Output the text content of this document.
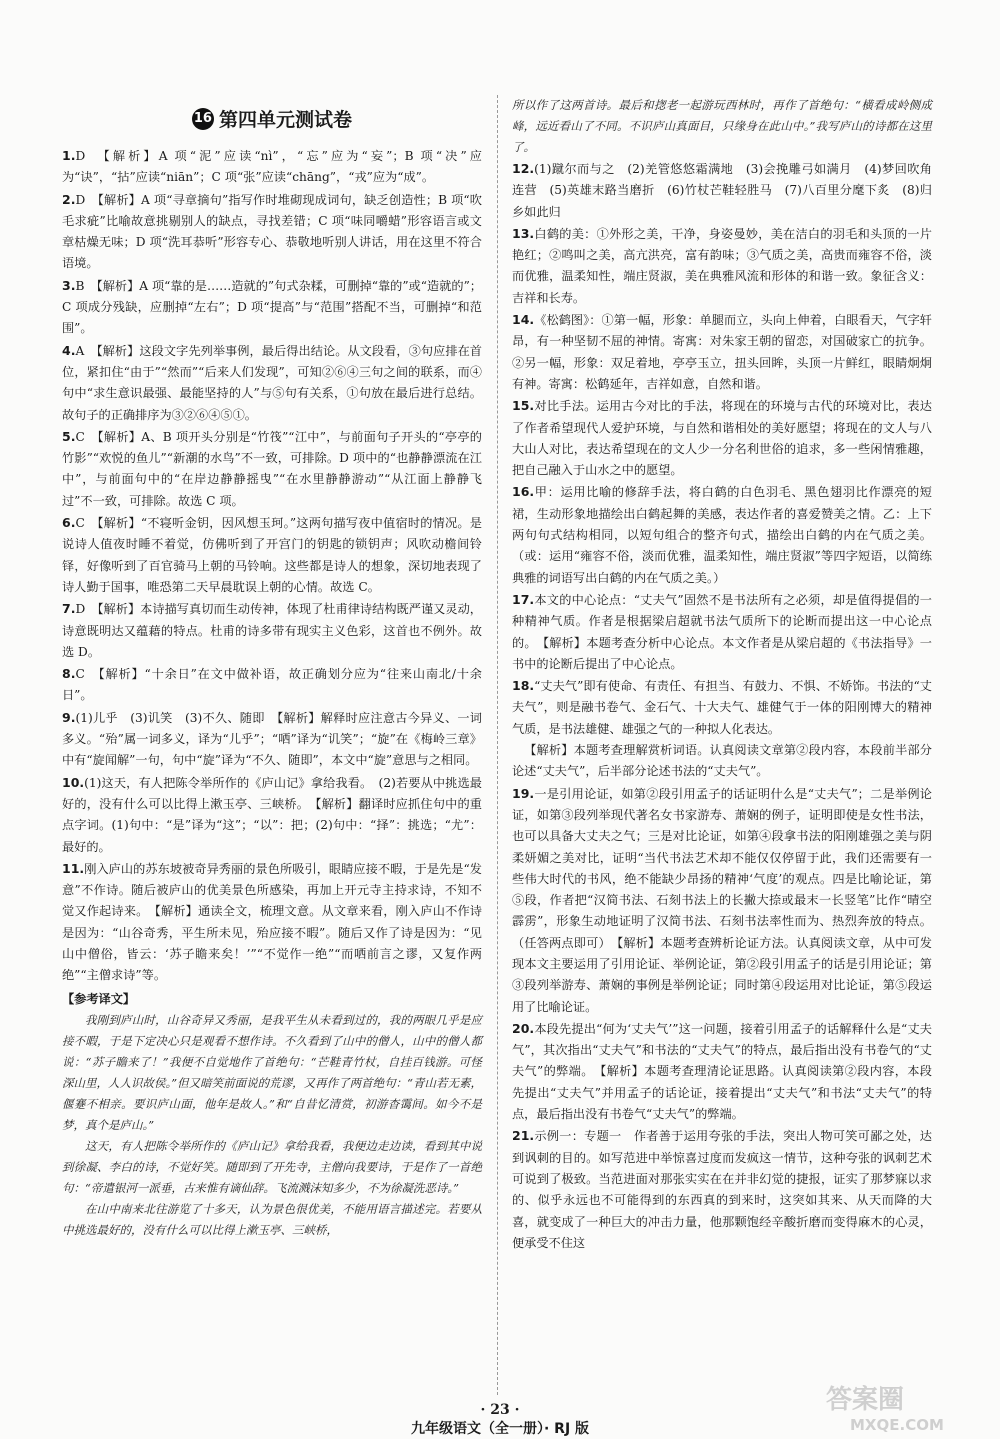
16 第四单元测试卷

1.D　【解析】A 项“泥”应读“nì”，“忘”应为“妄”；B 项“决”应为“诀”，“拈”应读“niān”；C 项“张”应读“chāng”，“戎”应为“成”。

2.D　【解析】A 项“寻章摘句”指写作时堆砌现成词句，缺乏创造性；B 项“吹毛求疵”比喻故意挑剔别人的缺点，寻找差错；C 项“味同嚼蜡”形容语言或文章枯燥无味；D 项“洗耳恭听”形容专心、恭敬地听别人讲话，用在这里不符合语境。

3.B　【解析】A 项“靠的是……造就的”句式杂糅，可删掉“靠的”或“造就的”；C 项成分残缺，应删掉“左右”；D 项“提高”与“范围”搭配不当，可删掉“和范围”。

4.A　【解析】这段文字先列举事例，最后得出结论。从文段看，③句应排在首位，紧扣住“由于”“然而”“后来人们发现”，可知②⑥④三句之间的联系，而④句中“求生意识最强、最能坚持的人”与⑤句有关系，①句放在最后进行总结。故句子的正确排序为③②⑥④⑤①。

5.C　【解析】A、B 项开头分别是“竹筏”“江中”，与前面句子开头的“亭亭的竹影”“欢悦的鱼儿”“新潮的水鸟”不一致，可排除。D 项中的“也静静漂流在江中”，与前面句中的“在岸边静静摇曳”“在水里静静游动”“从江面上静静飞过”不一致，可排除。故选 C 项。

6.C　【解析】“不寝听金钥，因风想玉珂。”这两句描写夜中值宿时的情况。是说诗人值夜时睡不着觉，仿佛听到了开宫门的钥匙的锁钥声；风吹动檐间铃铎，好像听到了百官骑马上朝的马铃响。这些都是诗人的想象，深切地表现了诗人勤于国事，唯恐第二天早晨耽误上朝的心情。故选 C。

7.D　【解析】本诗描写真切而生动传神，体现了杜甫律诗结构既严谨又灵动，诗意既明达又蕴藉的特点。杜甫的诗多带有现实主义色彩，这首也不例外。故选 D。

8.C　【解析】“十余日”在文中做补语，故正确划分应为“往来山南北/十余日”。

9.(1)儿乎　(3)讥笑　(3)不久、随即　【解析】解释时应注意古今异义、一词多义。“殆”属一词多义，译为“儿乎”；“哂”译为“讥笑”；“旋”在《梅岭三章》中有“旋闻解”一句，句中“旋”译为“不久、随即”，本文中“旋”意思与之相同。

10.(1)这天，有人把陈令举所作的《庐山记》拿给我看。　(2)若要从中挑选最好的，没有什么可以比得上漱玉亭、三峡桥。　【解析】翻译时应抓住句中的重点字词。(1)句中：“是”译为“这”；“以”：把；(2)句中：“择”：挑选；“尤”：最好的。

11.刚入庐山的苏东坡被奇异秀丽的景色所吸引，眼睛应接不暇，于是先是“发意”不作诗。随后被庐山的优美景色所感染，再加上开元寺主持求诗，不知不觉又作起诗来。　【解析】通读全文，梳理文意。从文章来看，刚入庐山不作诗是因为：“山谷奇秀，平生所未见，殆应接不暇”。随后又作了诗是因为：“见山中僧俗，皆云：‘苏子瞻来矣！’”“不觉作一绝”“而哂前言之谬，又复作两绝”“主僧求诗”等。

【参考译文】

我刚到庐山时，山谷奇异又秀丽，是我平生从未看到过的，我的两眼几乎是应接不暇，于是下定决心只是观看不想作诗。不久看到了山中的僧人，山中的僧人都说：“苏子瞻来了！”我便不自觉地作了首绝句：“芒鞋青竹杖，自挂百钱游。可怪深山里，人人识故侯。”但又暗笑前面说的荒谬，又再作了两首绝句：“青山若无素，偃蹇不相亲。要识庐山面，他年是故人。”和“自昔忆清赏，初游杳霭间。如今不是梦，真个是庐山。”

这天，有人把陈令举所作的《庐山记》拿给我看，我便边走边读，看到其中说到徐凝、李白的诗，不觉好笑。随即到了开先寺，主僧向我要诗，于是作了一首绝句：“帝遣银河一派垂，古来惟有谪仙辞。飞流溅沫知多少，不为徐凝洗恶诗。”

在山中南来北往游览了十多天，认为景色很优美，不能用语言描述完。若要从中挑选最好的，没有什么可以比得上漱玉亭、三峡桥，

所以作了这两首诗。最后和揔老一起游玩西林时，再作了首绝句：“横看成岭侧成峰，远近看山了不同。不识庐山真面目，只缘身在此山中。”我写庐山的诗都在这里了。

12.(1)蹴尔而与之　(2)羌管悠悠霜满地　(3)会挽雕弓如满月　(4)梦回吹角连营　(5)英雄末路当磨折　(6)竹杖芒鞋轻胜马　(7)八百里分麾下炙　(8)归乡如此归

13.白鹤的美：①外形之美，干净，身姿曼妙，美在洁白的羽毛和头顶的一片艳红；②鸣叫之美，高亢洪亮，富有韵味；③气质之美，高贵而雍容不俗，淡而优雅，温柔知性，端庄贤淑，美在典雅风流和形体的和谐一致。象征含义：吉祥和长寿。

14.《松鹤图》：①第一幅，形象：单腿而立，头向上伸着，白眼看天，气字轩昂，有一种坚韧不屈的神情。寄寓：对朱家王朝的留恋，对国破家亡的抗争。②另一幅，形象：双足着地，亭亭玉立，扭头回眸，头顶一片鲜红，眼睛炯炯有神。寄寓：松鹤延年，吉祥如意，自然和谐。

15.对比手法。运用古今对比的手法，将现在的环境与古代的环境对比，表达了作者希望现代人爱护环境，与自然和谐相处的美好愿望；将现在的文人与八大山人对比，表达希望现在的文人少一分名利世俗的追求，多一些闲情雅趣，把自己融入于山水之中的愿望。

16.甲：运用比喻的修辞手法，将白鹤的白色羽毛、黑色翅羽比作漂亮的短裙，生动形象地描绘出白鹤起舞的美感，表达作者的喜爱赞美之情。乙：上下两句句式结构相同，以短句组合的整齐句式，描绘出白鹤的内在气质之美。（或：运用“雍容不俗，淡而优雅，温柔知性，端庄贤淑”等四字短语，以简练典雅的词语写出白鹤的内在气质之美。）

17.本文的中心论点：“丈夫气”固然不是书法所有之必须，却是值得提倡的一种精神气质。作者是根据梁启超就书法气质所下的论断而提出这一中心论点的。　【解析】本题考查分析中心论点。本文作者是从梁启超的《书法指导》一书中的论断后提出了中心论点。

18.“丈夫气”即有使命、有责任、有担当、有鼓力、不惧、不娇饰。书法的“丈夫气”，则是融书卷气、金石气、十大夫气、雄健气于一体的阳刚博大的精神气质，是书法雄健、雄强之气的一种拟人化表达。

【解析】本题考查理解赏析词语。认真阅读文章第②段内容，本段前半部分论述“丈夫气”，后半部分论述书法的“丈夫气”。

19.一是引用论证，如第②段引用孟子的话证明什么是“丈夫气”；二是举例论证，如第③段列举现代著名女书家游寿、萧娴的例子，证明即使是女性书法，也可以具备大丈夫之气；三是对比论证，如第④段拿书法的阳刚雄强之美与阴柔妍媚之美对比，证明“当代书法艺术却不能仅仅停留于此，我们还需要有一些伟大时代的书风，绝不能缺少昂扬的精神‘气度’的观点。四是比喻论证，第⑤段，作者把“汉简书法、石刻书法上的长撇大捺或最末一长竖笔”比作“晴空霹雳”，形象生动地证明了汉简书法、石刻书法率性而为、热烈奔放的特点。（任答两点即可）　【解析】本题考查辨析论证方法。认真阅读文章，从中可发现本文主要运用了引用论证、举例论证，第②段引用孟子的话是引用论证；第③段列举游寿、萧娴的事例是举例论证；同时第④段运用对比论证，第⑤段运用了比喻论证。

20.本段先提出“何为‘丈夫气’”这一问题，接着引用孟子的话解释什么是“丈夫气”，其次指出“丈夫气”和书法的“丈夫气”的特点，最后指出没有书卷气的“丈夫气”的弊端。　【解析】本题考查理清论证思路。认真阅读第②段内容，本段先提出“丈夫气”并用孟子的话论证，接着提出“丈夫气”和书法“丈夫气”的特点，最后指出没有书卷气“丈夫气”的弊端。

21.示例一：专题一　作者善于运用夸张的手法，突出人物可笑可鄙之处，达到讽刺的目的。如写范进中举惊喜过度而发疯这一情节，这种夸张的讽刺艺术可说到了极致。当范进面对那张实实在在并非幻觉的捷报，证实了那梦寐以求的、似乎永远也不可能得到的东西真的到来时，这突如其来、从天而降的大喜，就变成了一种巨大的冲击力量，他那颗饱经辛酸折磨而变得麻木的心灵，便承受不住这

· 23 ·
九年级语文（全一册）· RJ 版
答案圈
MXQE.COM
